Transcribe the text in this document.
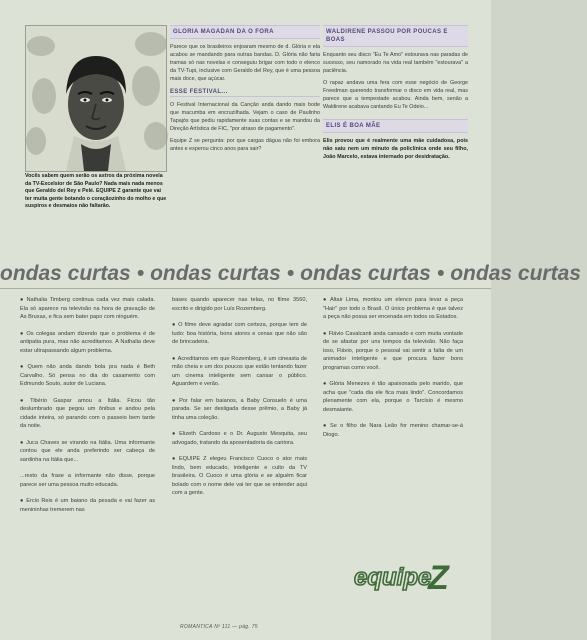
Vocês sabem quem serão os astros da próxima novela da TV-Excelsior de São Paulo? Nada mais nada menos que Geraldo del Rey e Pelé. EQUIPE Z garante que vai ter muita gente botando o coraçãozinho do molho e que suspiros e desmaios não faltarão.
GLORIA MAGADAN DA O FORA

Parece que os brasileiros enjoaram mesmo de d. Glória e ela acabou se mandando para outras bandas. D. Glória não faria tramas só nas novelas e conseguiu brigar com todo o elenco da TV-Tupi, inclusive com Geraldo del Rey, que é uma pessoa mais doce, que açúcar.

ESSE FESTIVAL...

O Festival Internacional da Canção anda dando mais bode que macumba em encruzilhada. Vejam o caso de Paulinho Tapajós que pediu rapidamente suas contas e se mandou da Direção Artística de FIC, "por atraso de pagamento".

Equipe Z se pergunta: por que cargas dágua não foi embora antes e esperou cinco anos para sair?

WALDIRENE PASSOU POR POUCAS E BOAS

Enquanto seu disco "Eu Te Amo" estourava nas paradas de sucesso, seu namorado na vida real também "estourava" a paciência.

O rapaz andava uma fera com esse negócio de George Freedman querendo transformar o disco em vida real, mas parece que a tempestade acabou. Ainda bem, senão a Waldirene acabava cantando Eu Te Odeio...

ELIS É BOA MÃE

Elis provou que é realmente uma mãe cuidadosa, pois não saiu nem um minuto da policlínica onde seu filho, João Marcelo, estava internado por desidratação.

ondas curtas • ondas curtas • ondas curtas • ondas curtas

● Nathalia Timberg continua cada vez mais calada. Ela só aparece na televisão na hora de gravação de As Bruxas, e fica sem bater papo com ninguém.

● Os colegas andam dizendo que o problema é de antipatia pura, mas não acreditamos. A Nathalia deve estar ultrapassando algum problema.

● Quem não anda dando bola pra nada é Beth Carvalho. Só pensa no dia do casamento com Edmundo Souto, autor de Luciana.

● Tibério Gaspar amou a Itália. Ficou tão deslumbrado que pegou um ônibus e andou pela cidade inteira, só parando com o passeio bem tarde da noite.

● Juca Chaves se virando na Itália. Uma informante contou que ele anda preferindo ser cabeça de sardinha na Itália que...

...resto da frase a informante não disse, porque parece ser uma pessoa muito educada.

● Ercio Reis é um baiano da pesada e vai fazer as menininhas tremerem nas

bases quando aparecer nas telas, no filme 3560, escrito e dirigido por Luís Rozemberg.

● O filme deve agradar com certeza, porque tem de tudo: boa história, bons atores e cenas que não são de brincadeira.

● Acreditamos em que Rozemberg, é um cineasta de mão cheia e um dos poucos que estão tentando fazer um cinema inteligente sem cansar o público. Aguardem e verão.

● Por falar em baianos, a Baby Consuelo é uma parada. Se ser desligada desse prêmio, a Baby já tinha uma coleção.

● Elizeth Cardoso e o Dr. Augusto Mesquita, seu advogado, tratando da aposentadoria da cantora.

● EQUIPE Z elegeu Francisco Cuoco o ator mais lindo, bem educado, inteligente e culto da TV brasileira. O Cuoco é uma glória e se alguém ficar bolado com o nome dele vai ter que se entender aqui com a gente.

● Altair Lima, montou um elenco para levar a peça "Hair" por todo o Brasil. O único problema é que talvez a peça não possa ser encenada em todos os Estados.

● Flávio Cavalcanti anda cansado e com muita vontade de se afastar por uns tempos da televisão. Não faça isso, Flávio, porque o pessoal vai sentir a falta de um animador inteligente e que procura fazer bons programas como você.

● Glória Menezes é tão apaixonada pelo marido, que acha que "cada dia ele fica mais lindo". Concordamos plenamente com ela, porque o Tarcísio é mesmo desmaiante.

● Se o filho de Nara Leão for menino chamar-se-á Diogo.

equipe
Z
ROMANTICA Nº 111 — pág. 75
